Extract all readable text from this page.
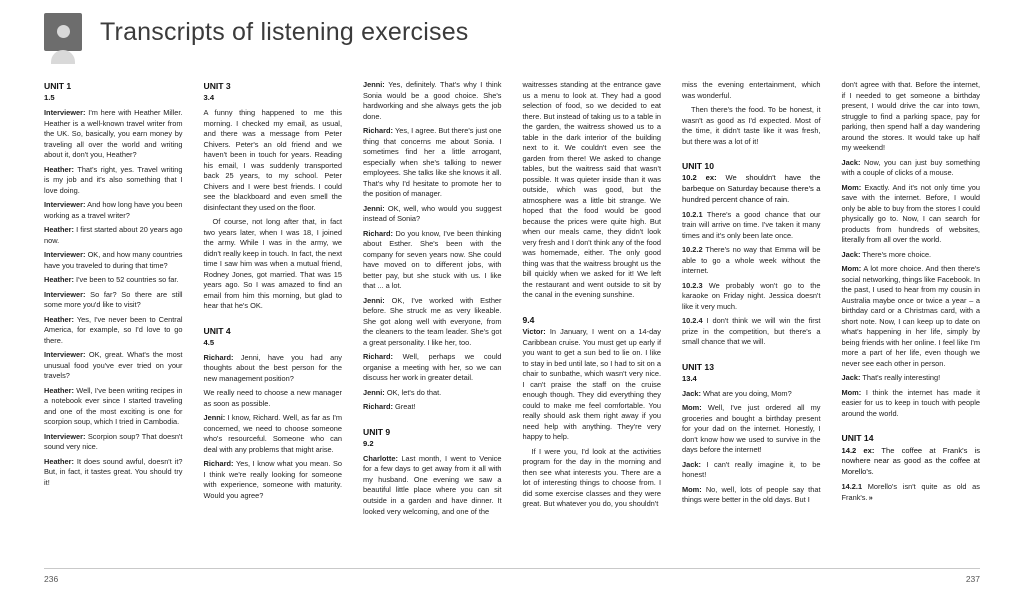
Transcripts of listening exercises
UNIT 1
1.5

Interviewer: I'm here with Heather Miller. Heather is a well-known travel writer from the UK. So, basically, you earn money by traveling all over the world and writing about it, don't you, Heather?

Heather: That's right, yes. Travel writing is my job and it's also something that I love doing.

Interviewer: And how long have you been working as a travel writer?

Heather: I first started about 20 years ago now.

Interviewer: OK, and how many countries have you traveled to during that time?

Heather: I've been to 52 countries so far.

Interviewer: So far? So there are still some more you'd like to visit?

Heather: Yes, I've never been to Central America, for example, so I'd love to go there.

Interviewer: OK, great. What's the most unusual food you've ever tried on your travels?

Heather: Well, I've been writing recipes in a notebook ever since I started traveling and one of the most exciting is one for scorpion soup, which I tried in Cambodia.

Interviewer: Scorpion soup? That doesn't sound very nice.

Heather: It does sound awful, doesn't it? But, in fact, it tastes great. You should try it!

UNIT 3
3.4

A funny thing happened to me this morning. I checked my email, as usual, and there was a message from Peter Chivers. Peter's an old friend and we haven't been in touch for years. Reading his email, I was suddenly transported back 25 years, to my school. Peter Chivers and I were best friends. I could see the blackboard and even smell the disinfectant they used on the floor.

Of course, not long after that, in fact two years later, when I was 18, I joined the army. While I was in the army, we didn't really keep in touch. In fact, the next time I saw him was when a mutual friend, Rodney Jones, got married. That was 15 years ago. So I was amazed to find an email from him this morning, but glad to hear that he's OK.

UNIT 4
4.5

Richard: Jenni, have you had any thoughts about the best person for the new management position?

We really need to choose a new manager as soon as possible.

Jenni: I know, Richard. Well, as far as I'm concerned, we need to choose someone who's resourceful. Someone who can deal with any problems that might arise.

Richard: Yes, I know what you mean. So I think we're really looking for someone with experience, someone with maturity. Would you agree?

Jenni: Yes, definitely. That's why I think Sonia would be a good choice. She's hardworking and she always gets the job done.

Richard: Yes, I agree. But there's just one thing that concerns me about Sonia. I sometimes find her a little arrogant, especially when she's talking to newer employees. She talks like she knows it all. That's why I'd hesitate to promote her to the position of manager.

Jenni: OK, well, who would you suggest instead of Sonia?

Richard: Do you know, I've been thinking about Esther. She's been with the company for seven years now. She could have moved on to different jobs, with better pay, but she stuck with us. I like that ... a lot.

Jenni: OK, I've worked with Esther before. She struck me as very likeable. She got along well with everyone, from the cleaners to the team leader. She's got a great personality. I like her, too.

Richard: Well, perhaps we could organise a meeting with her, so we can discuss her work in greater detail.

Jenni: OK, let's do that.

Richard: Great!

UNIT 9
9.2

Charlotte: Last month, I went to Venice for a few days to get away from it all with my husband. One evening we saw a beautiful little place where you can sit outside in a garden and have dinner. It looked very welcoming, and one of the

waitresses standing at the entrance gave us a menu to look at. They had a good selection of food, so we decided to eat there. But instead of taking us to a table in the garden, the waitress showed us to a table in the dark interior of the building next to it. We couldn't even see the garden from there! We asked to change tables, but the waitress said that wasn't possible. It was quieter inside than it was outside, which was good, but the atmosphere was a little bit strange. We hoped that the food would be good because the prices were quite high. But when our meals came, they didn't look very fresh and I don't think any of the food was homemade, either. The only good thing was that the waitress brought us the bill quickly when we asked for it! We left the restaurant and went outside to sit by the canal in the evening sunshine.

9.4

Victor: In January, I went on a 14-day Caribbean cruise. You must get up early if you want to get a sun bed to lie on. I like to stay in bed until late, so I had to sit on a chair to sunbathe, which wasn't very nice. I can't praise the staff on the cruise enough though. They did everything they could to make me feel comfortable. You really should ask them right away if you need help with anything. They're very happy to help.

If I were you, I'd look at the activities program for the day in the morning and then see what interests you. There are a lot of interesting things to choose from. I did some exercise classes and they were great. But whatever you do, you shouldn't

miss the evening entertainment, which was wonderful.

Then there's the food. To be honest, it wasn't as good as I'd expected. Most of the time, it didn't taste like it was fresh, but there was a lot of it!

UNIT 10
10.2 ex: We shouldn't have the barbeque on Saturday because there's a hundred percent chance of rain.

10.2.1 There's a good chance that our train will arrive on time. I've taken it many times and it's only been late once.

10.2.2 There's no way that Emma will be able to go a whole week without the internet.

10.2.3 We probably won't go to the karaoke on Friday night. Jessica doesn't like it very much.

10.2.4 I don't think we will win the first prize in the competition, but there's a small chance that we will.

UNIT 13
13.4

Jack: What are you doing, Mom?

Mom: Well, I've just ordered all my groceries and bought a birthday present for your dad on the internet. Honestly, I don't know how we used to survive in the days before the internet!

Jack: I can't really imagine it, to be honest!

Mom: No, well, lots of people say that things were better in the old days. But I

don't agree with that. Before the internet, if I needed to get someone a birthday present, I would drive the car into town, struggle to find a parking space, pay for parking, then spend half a day wandering around the stores. It would take up half my weekend!

Jack: Now, you can just buy something with a couple of clicks of a mouse.

Mom: Exactly. And it's not only time you save with the internet. Before, I would only be able to buy from the stores I could physically go to. Now, I can search for products from hundreds of websites, literally from all over the world.

Jack: There's more choice.

Mom: A lot more choice. And then there's social networking, things like Facebook. In the past, I used to hear from my cousin in Australia maybe once or twice a year – a birthday card or a Christmas card, with a short note. Now, I can keep up to date on what's happening in her life, simply by being friends with her online. I feel like I'm more a part of her life, even though we never see each other in person.

Jack: That's really interesting!

Mom: I think the internet has made it easier for us to keep in touch with people around the world.

UNIT 14
14.2 ex: The coffee at Frank's is nowhere near as good as the coffee at Morello's.

14.2.1 Morello's isn't quite as old as Frank's. »

236	237
